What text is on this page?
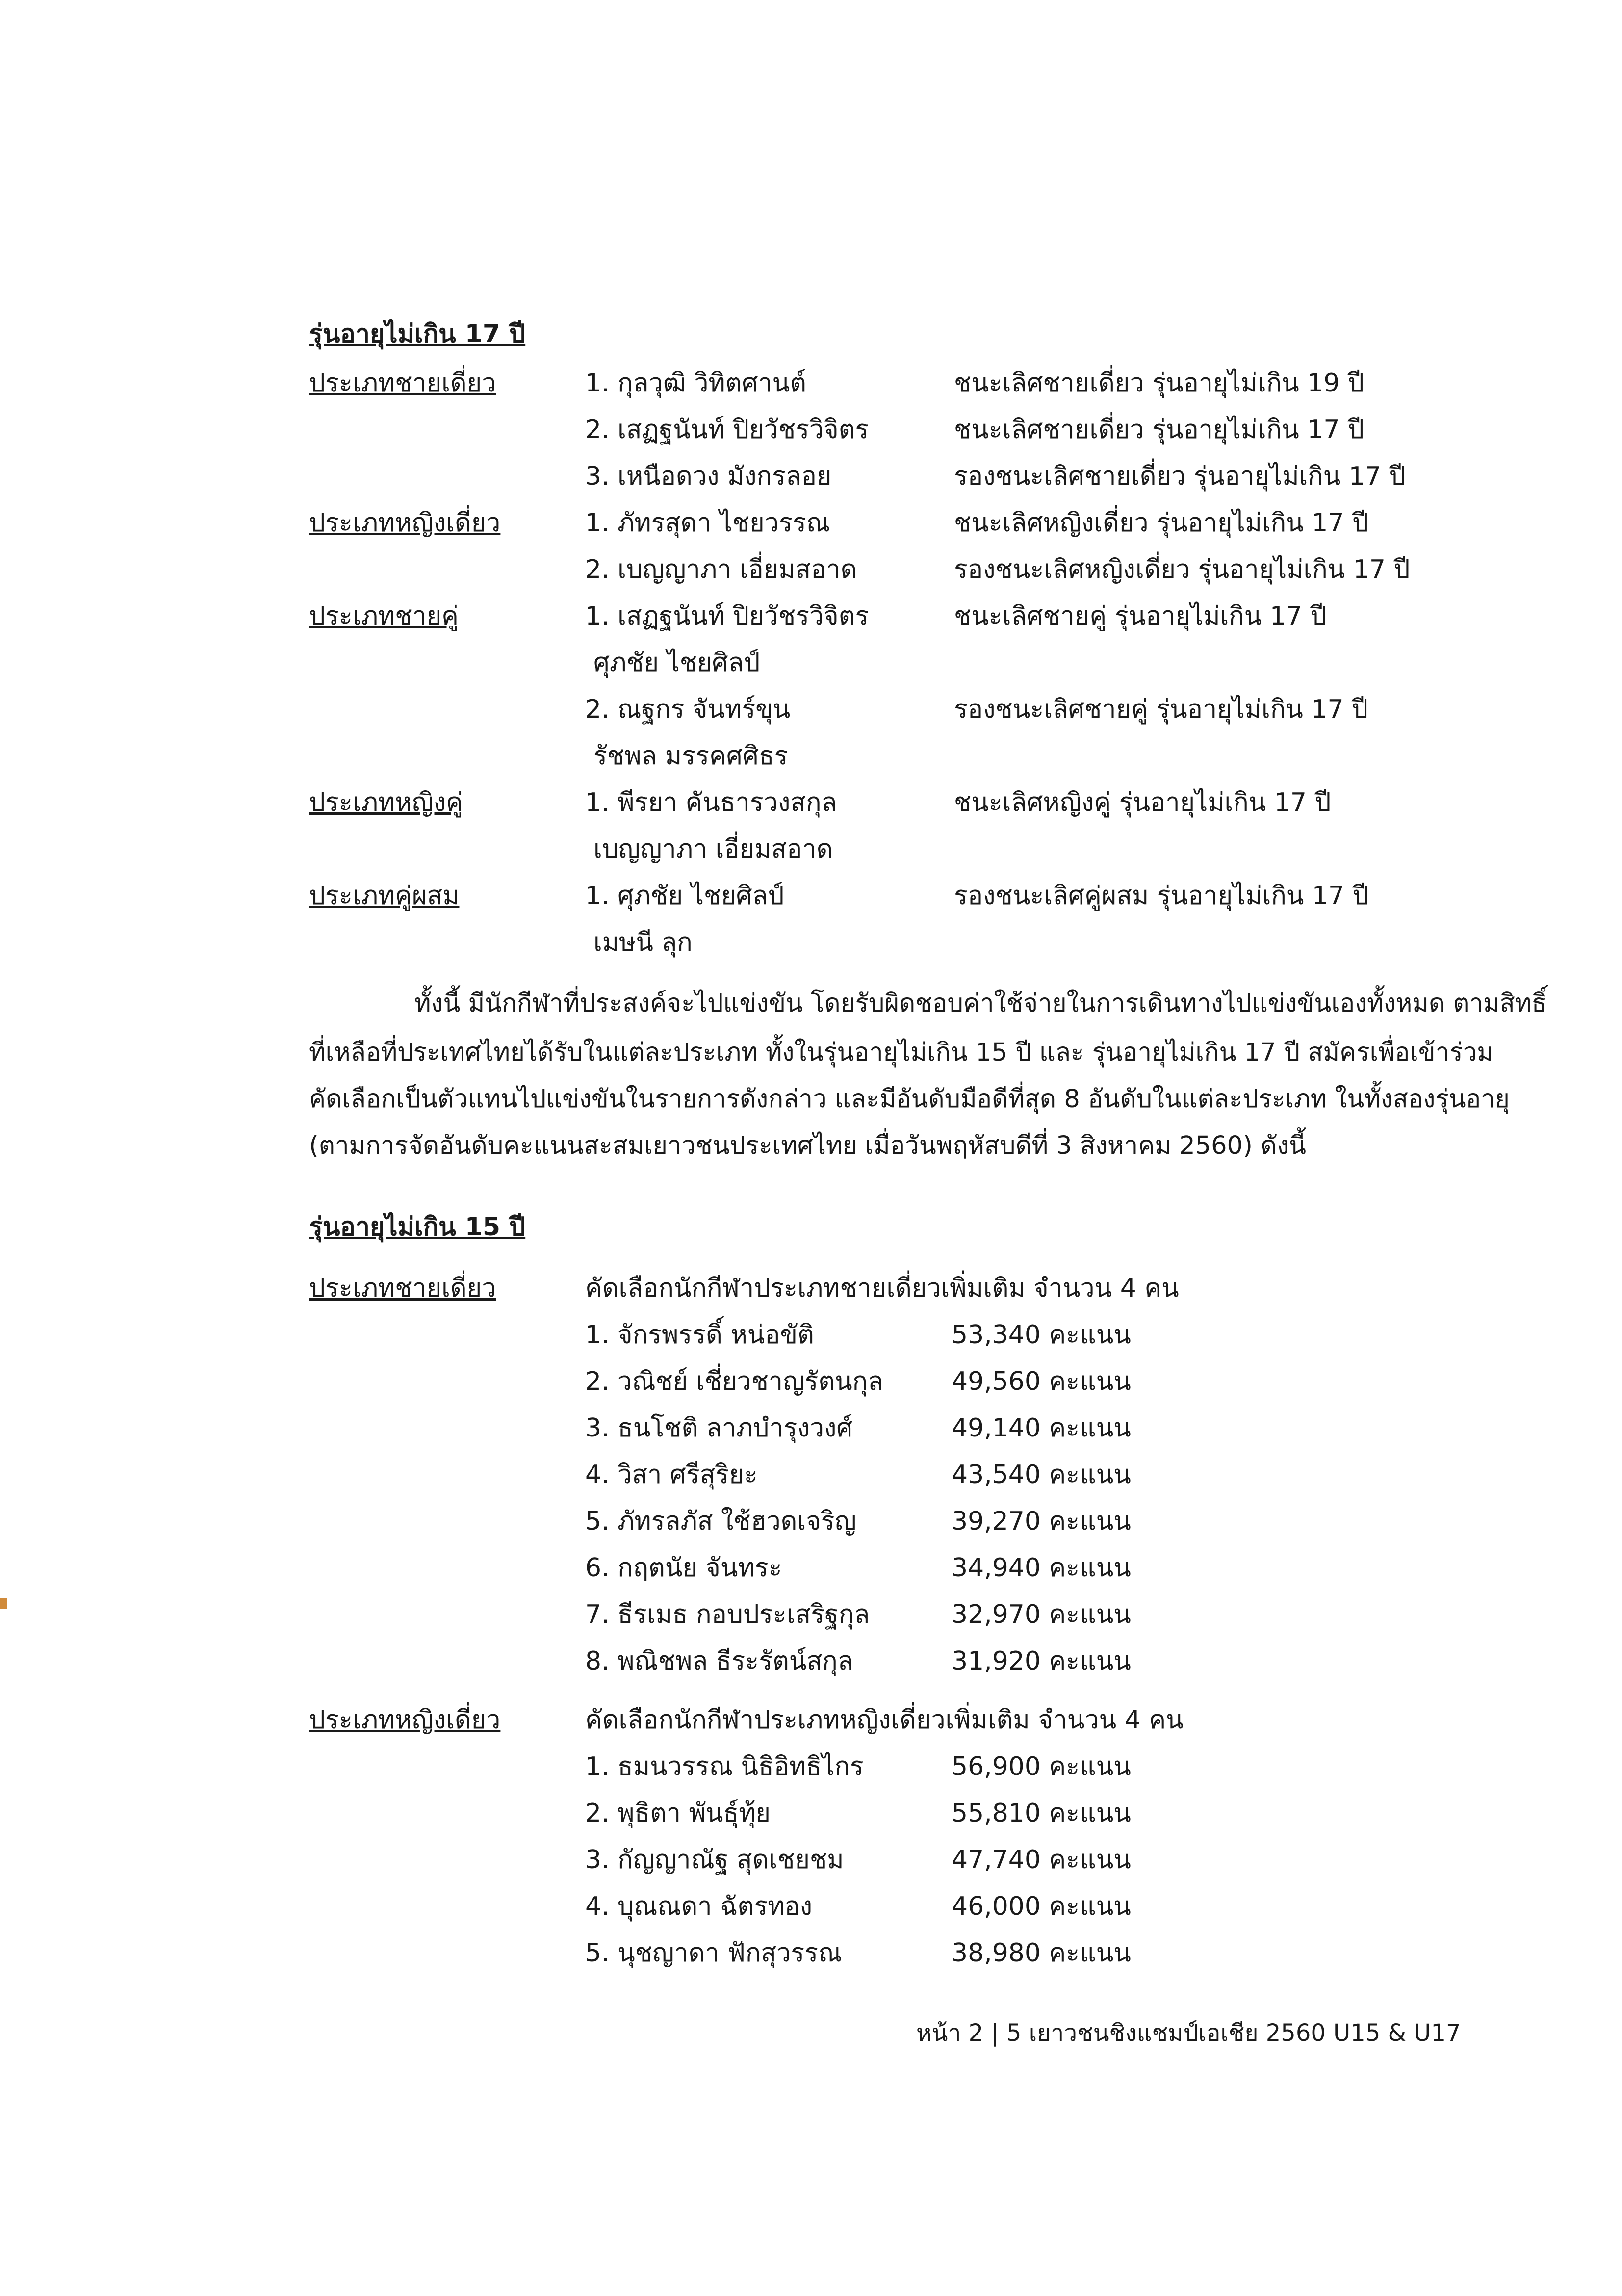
รุ่นอายุไม่เกิน 17 ปี
ประเภทชายเดี่ยว	1. กุลวุฒิ วิทิตศานต์	ชนะเลิศชายเดี่ยว รุ่นอายุไม่เกิน 19 ปี
2. เสฏฐนันท์ ปิยวัชรวิจิตร	ชนะเลิศชายเดี่ยว รุ่นอายุไม่เกิน 17 ปี
3. เหนือดวง มังกรลอย	รองชนะเลิศชายเดี่ยว รุ่นอายุไม่เกิน 17 ปี
ประเภทหญิงเดี่ยว	1. ภัทรสุดา ไชยวรรณ	ชนะเลิศหญิงเดี่ยว รุ่นอายุไม่เกิน 17 ปี
2. เบญญาภา เอี่ยมสอาด	รองชนะเลิศหญิงเดี่ยว รุ่นอายุไม่เกิน 17 ปี
ประเภทชายคู่	1. เสฏฐนันท์ ปิยวัชรวิจิตร	ชนะเลิศชายคู่ รุ่นอายุไม่เกิน 17 ปี
ศุภชัย ไชยศิลป์
2. ณฐกร จันทร์ขุน	รองชนะเลิศชายคู่ รุ่นอายุไม่เกิน 17 ปี
รัชพล มรรคศศิธร
ประเภทหญิงคู่	1. พีรยา คันธารวงสกุล	ชนะเลิศหญิงคู่ รุ่นอายุไม่เกิน 17 ปี
เบญญาภา เอี่ยมสอาด
ประเภทคู่ผสม	1. ศุภชัย ไชยศิลป์	รองชนะเลิศคู่ผสม รุ่นอายุไม่เกิน 17 ปี
เมษนี ลุก
ทั้งนี้ มีนักกีฬาที่ประสงค์จะไปแข่งขัน โดยรับผิดชอบค่าใช้จ่ายในการเดินทางไปแข่งขันเองทั้งหมด ตามสิทธิ์
ที่เหลือที่ประเทศไทยได้รับในแต่ละประเภท ทั้งในรุ่นอายุไม่เกิน 15 ปี และ รุ่นอายุไม่เกิน 17 ปี สมัครเพื่อเข้าร่วม
คัดเลือกเป็นตัวแทนไปแข่งขันในรายการดังกล่าว และมีอันดับมือดีที่สุด 8 อันดับในแต่ละประเภท ในทั้งสองรุ่นอายุ
(ตามการจัดอันดับคะแนนสะสมเยาวชนประเทศไทย เมื่อวันพฤหัสบดีที่ 3 สิงหาคม 2560) ดังนี้
รุ่นอายุไม่เกิน 15 ปี
ประเภทชายเดี่ยว	คัดเลือกนักกีฬาประเภทชายเดี่ยวเพิ่มเติม จำนวน 4 คน
1. จักรพรรดิ์ หน่อขัติ	53,340 คะแนน
2. วณิชย์ เชี่ยวชาญรัตนกุล	49,560 คะแนน
3. ธนโชติ ลาภบำรุงวงศ์	49,140 คะแนน
4. วิสา ศรีสุริยะ	43,540 คะแนน
5. ภัทรลภัส ใช้ฮวดเจริญ	39,270 คะแนน
6. กฤตนัย จันทระ	34,940 คะแนน
7. ธีรเมธ กอบประเสริฐกุล	32,970 คะแนน
8. พณิชพล ธีระรัตน์สกุล	31,920 คะแนน
ประเภทหญิงเดี่ยว	คัดเลือกนักกีฬาประเภทหญิงเดี่ยวเพิ่มเติม จำนวน 4 คน
1. ธมนวรรณ นิธิอิทธิไกร	56,900 คะแนน
2. พุธิตา พันธุ์ทุ้ย	55,810 คะแนน
3. กัญญาณัฐ สุดเชยชม	47,740 คะแนน
4. บุณณดา ฉัตรทอง	46,000 คะแนน
5. นุชญาดา ฟักสุวรรณ	38,980 คะแนน
หน้า 2 | 5 เยาวชนชิงแชมป์เอเชีย 2560 U15 & U17
